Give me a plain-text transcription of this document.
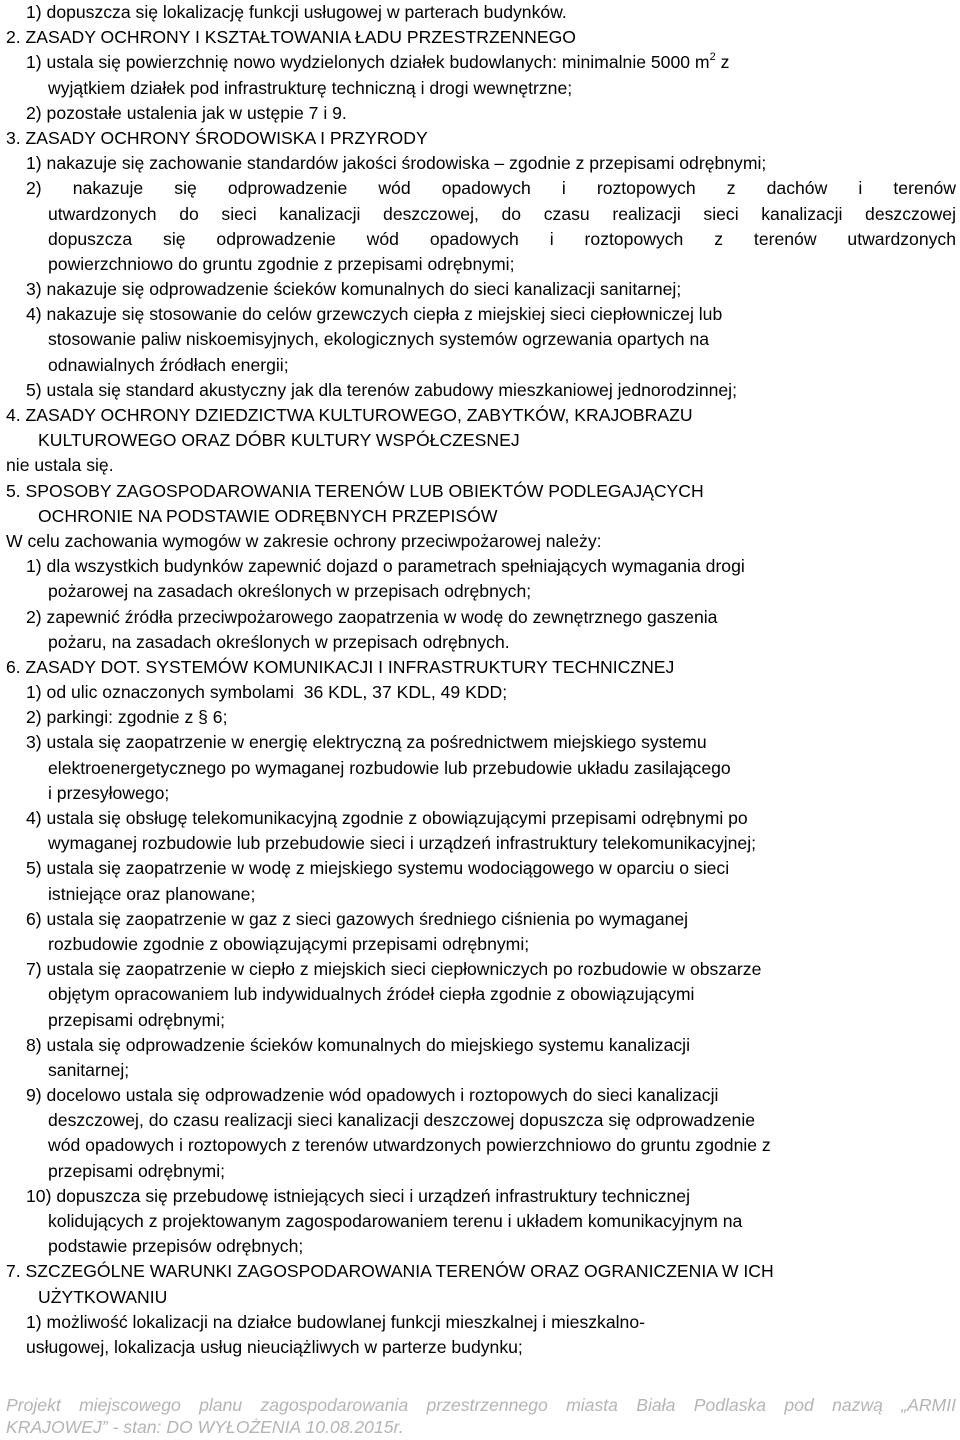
1) dopuszcza się lokalizację funkcji usługowej w parterach budynków.
2. ZASADY OCHRONY I KSZTAŁTOWANIA ŁADU PRZESTRZENNEGO
1) ustala się powierzchnię nowo wydzielonych działek budowlanych: minimalnie 5000 $m^2$ z
wyjątkiem działek pod infrastrukturę techniczną i drogi wewnętrzne;
2) pozostałe ustalenia jak w ustępie 7 i 9.
3. ZASADY OCHRONY ŚRODOWISKA I PRZYRODY
1) nakazuje się zachowanie standardów jakości środowiska – zgodnie z przepisami odrębnymi;
2) nakazuje się odprowadzenie wód opadowych i roztopowych z dachów i terenów
utwardzonych do sieci kanalizacji deszczowej, do czasu realizacji sieci kanalizacji deszczowej
dopuszcza się odprowadzenie wód opadowych i roztopowych z terenów utwardzonych
powierzchniowo do gruntu zgodnie z przepisami odrębnymi;
3) nakazuje się odprowadzenie ścieków komunalnych do sieci kanalizacji sanitarnej;
4) nakazuje się stosowanie do celów grzewczych ciepła z miejskiej sieci ciepłowniczej lub
stosowanie paliw niskoemisyjnych, ekologicznych systemów ogrzewania opartych na
odnawialnych źródłach energii;
5) ustala się standard akustyczny jak dla terenów zabudowy mieszkaniowej jednorodzinnej;
4. ZASADY OCHRONY DZIEDZICTWA KULTUROWEGO, ZABYTKÓW, KRAJOBRAZU
KULTUROWEGO ORAZ DÓBR KULTURY WSPÓŁCZESNEJ
nie ustala się.
5. SPOSOBY ZAGOSPODAROWANIA TERENÓW LUB OBIEKTÓW PODLEGAJĄCYCH
OCHRONIE NA PODSTAWIE ODRĘBNYCH PRZEPISÓW
W celu zachowania wymogów w zakresie ochrony przeciwpożarowej należy:
1) dla wszystkich budynków zapewnić dojazd o parametrach spełniających wymagania drogi
pożarowej na zasadach określonych w przepisach odrębnych;
2) zapewnić źródła przeciwpożarowego zaopatrzenia w wodę do zewnętrznego gaszenia
pożaru, na zasadach określonych w przepisach odrębnych.
6. ZASADY DOT. SYSTEMÓW KOMUNIKACJI I INFRASTRUKTURY TECHNICZNEJ
1) od ulic oznaczonych symbolami  36 KDL, 37 KDL, 49 KDD;
2) parkingi: zgodnie z § 6;
3) ustala się zaopatrzenie w energię elektryczną za pośrednictwem miejskiego systemu
elektroenergetycznego po wymaganej rozbudowie lub przebudowie układu zasilającego
i przesyłowego;
4) ustala się obsługę telekomunikacyjną zgodnie z obowiązującymi przepisami odrębnymi po
wymaganej rozbudowie lub przebudowie sieci i urządzeń infrastruktury telekomunikacyjnej;
5) ustala się zaopatrzenie w wodę z miejskiego systemu wodociągowego w oparciu o sieci
istniejące oraz planowane;
6) ustala się zaopatrzenie w gaz z sieci gazowych średniego ciśnienia po wymaganej
rozbudowie zgodnie z obowiązującymi przepisami odrębnymi;
7) ustala się zaopatrzenie w ciepło z miejskich sieci ciepłowniczych po rozbudowie w obszarze
objętym opracowaniem lub indywidualnych źródeł ciepła zgodnie z obowiązującymi
przepisami odrębnymi;
8) ustala się odprowadzenie ścieków komunalnych do miejskiego systemu kanalizacji
sanitarnej;
9) docelowo ustala się odprowadzenie wód opadowych i roztopowych do sieci kanalizacji
deszczowej, do czasu realizacji sieci kanalizacji deszczowej dopuszcza się odprowadzenie
wód opadowych i roztopowych z terenów utwardzonych powierzchniowo do gruntu zgodnie z
przepisami odrębnymi;
10) dopuszcza się przebudowę istniejących sieci i urządzeń infrastruktury technicznej
kolidujących z projektowanym zagospodarowaniem terenu i układem komunikacyjnym na
podstawie przepisów odrębnych;
7. SZCZEGÓLNE WARUNKI ZAGOSPODAROWANIA TERENÓW ORAZ OGRANICZENIA W ICH
UŻYTKOWANIU
1) możliwość lokalizacji na działce budowlanej funkcji mieszkalnej i mieszkalno-
usługowej, lokalizacja usług nieuciążliwych w parterze budynku;
Projekt miejscowego planu zagospodarowania przestrzennego miasta Biała Podlaska pod nazwą „ARMII
KRAJOWEJ” - stan: DO WYŁOŻENIA 10.08.2015r.
